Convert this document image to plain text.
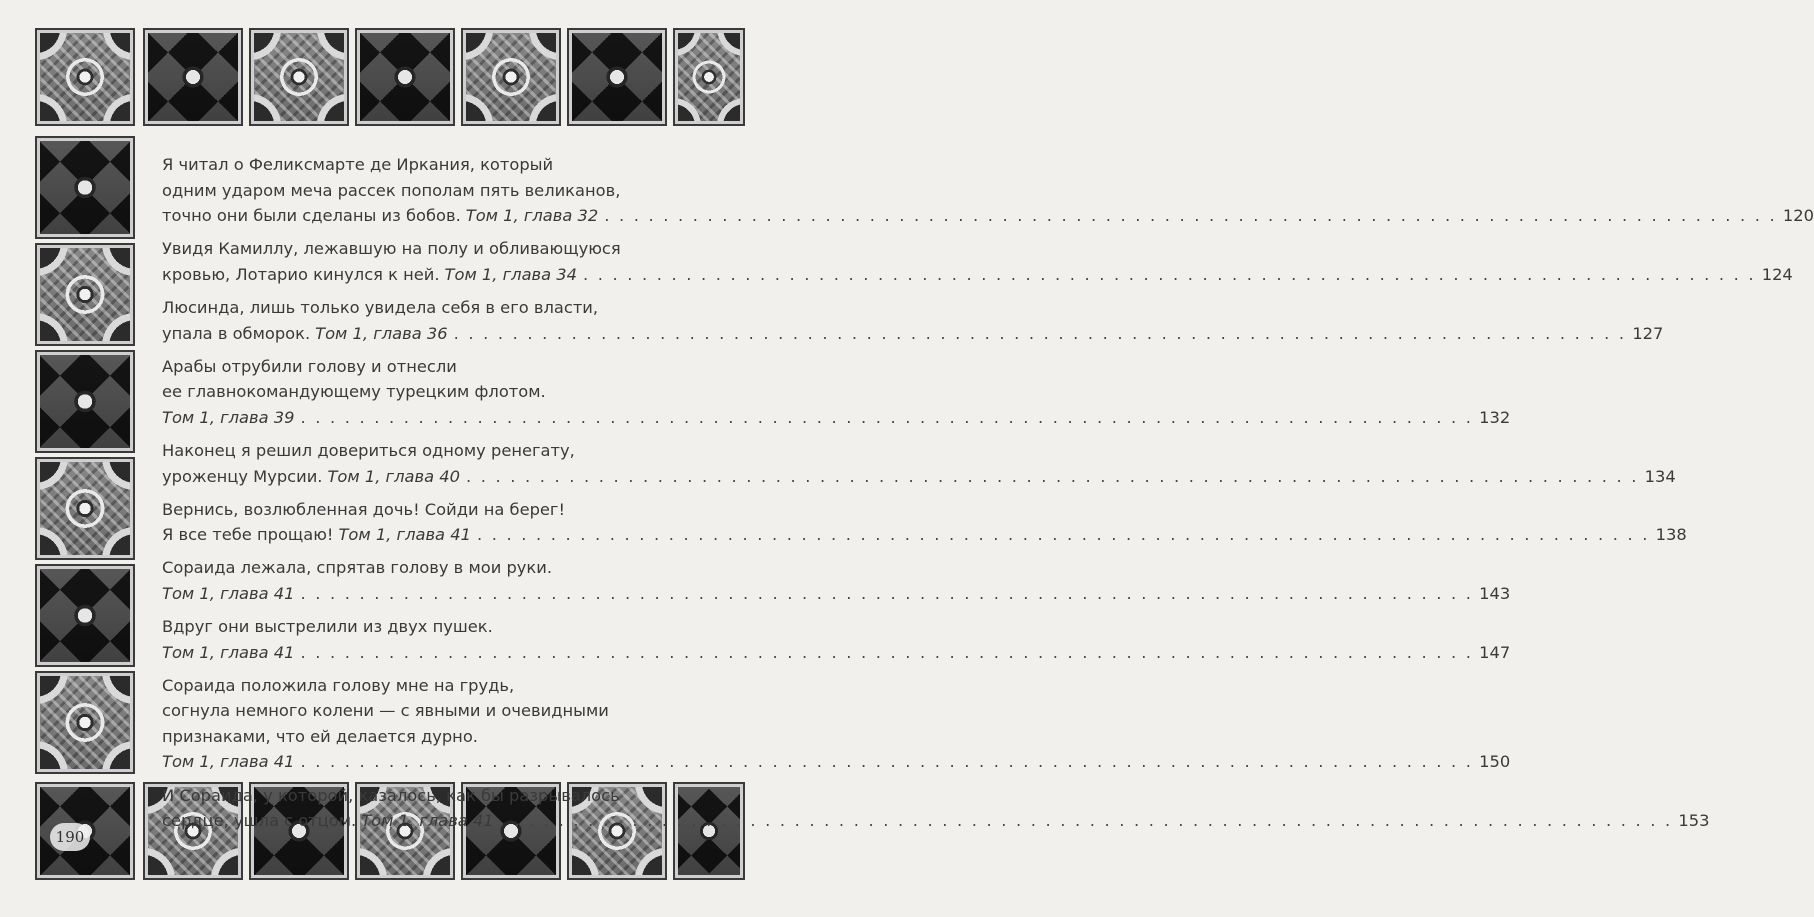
Я читал о Феликсмарте де Иркания, который
одним ударом меча рассек пополам пять великанов,
точно они были сделаны из бобов. Том 1, глава 32 . . . . . . . . . . . . . . . . . . . . . . . . . . . . . . . . . . . . . . . . . . . . . . . . . . . . . . . . . . . . . . . . . . . . . . . . . . . . . . . . 120
Увидя Камиллу, лежавшую на полу и обливающуюся
кровью, Лотарио кинулся к ней. Том 1, глава 34 . . . . . . . . . . . . . . . . . . . . . . . . . . . . . . . . . . . . . . . . . . . . . . . . . . . . . . . . . . . . . . . . . . . . . . . . . . . . . . . . 124
Люсинда, лишь только увидела себя в его власти,
упала в обморок. Том 1, глава 36 . . . . . . . . . . . . . . . . . . . . . . . . . . . . . . . . . . . . . . . . . . . . . . . . . . . . . . . . . . . . . . . . . . . . . . . . . . . . . . . . 127
Арабы отрубили голову и отнесли
ее главнокомандующему турецким флотом.
Том 1, глава 39 . . . . . . . . . . . . . . . . . . . . . . . . . . . . . . . . . . . . . . . . . . . . . . . . . . . . . . . . . . . . . . . . . . . . . . . . . . . . . . . . 132
Наконец я решил довериться одному ренегату,
уроженцу Мурсии. Том 1, глава 40 . . . . . . . . . . . . . . . . . . . . . . . . . . . . . . . . . . . . . . . . . . . . . . . . . . . . . . . . . . . . . . . . . . . . . . . . . . . . . . . . 134
Вернись, возлюбленная дочь! Сойди на берег!
Я все тебе прощаю! Том 1, глава 41 . . . . . . . . . . . . . . . . . . . . . . . . . . . . . . . . . . . . . . . . . . . . . . . . . . . . . . . . . . . . . . . . . . . . . . . . . . . . . . . . 138
Сораида лежала, спрятав голову в мои руки.
Том 1, глава 41 . . . . . . . . . . . . . . . . . . . . . . . . . . . . . . . . . . . . . . . . . . . . . . . . . . . . . . . . . . . . . . . . . . . . . . . . . . . . . . . . 143
Вдруг они выстрелили из двух пушек.
Том 1, глава 41 . . . . . . . . . . . . . . . . . . . . . . . . . . . . . . . . . . . . . . . . . . . . . . . . . . . . . . . . . . . . . . . . . . . . . . . . . . . . . . . . 147
Сораида положила голову мне на грудь,
согнула немного колени — с явными и очевидными
признаками, что ей делается дурно.
Том 1, глава 41 . . . . . . . . . . . . . . . . . . . . . . . . . . . . . . . . . . . . . . . . . . . . . . . . . . . . . . . . . . . . . . . . . . . . . . . . . . . . . . . . 150
И Сораида, у которой, казалось, как бы разрывалось
сердце, ушла с отцом. Том 1, глава 41 . . . . . . . . . . . . . . . . . . . . . . . . . . . . . . . . . . . . . . . . . . . . . . . . . . . . . . . . . . . . . . . . . . . . . . . . . . . . . . . . 153
190
